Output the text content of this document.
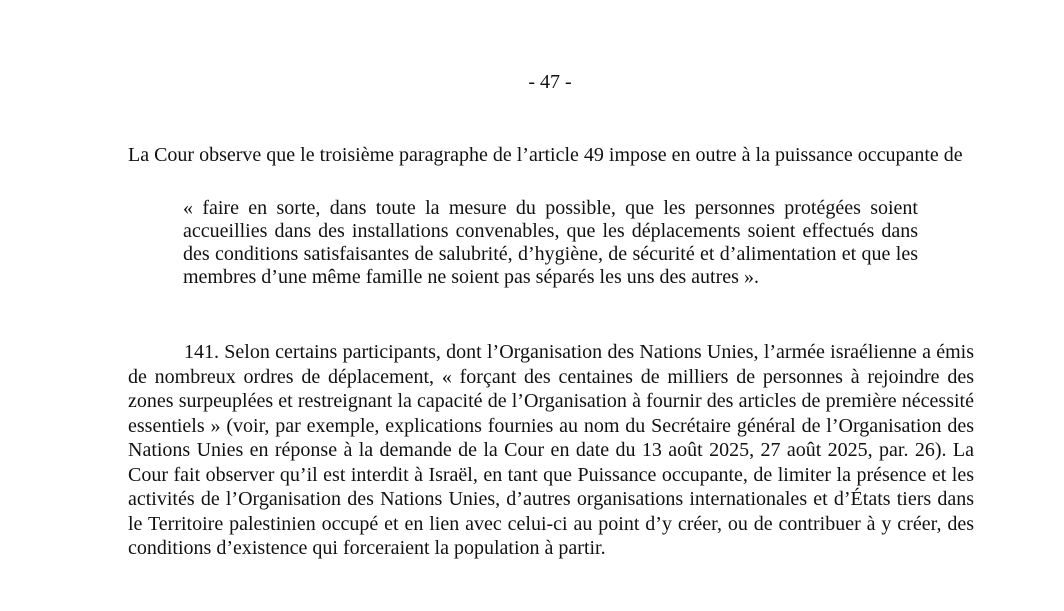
- 47 -

La Cour observe que le troisième paragraphe de l’article 49 impose en outre à la puissance occupante de

« faire en sorte, dans toute la mesure du possible, que les personnes protégées soient accueillies dans des installations convenables, que les déplacements soient effectués dans des conditions satisfaisantes de salubrité, d’hygiène, de sécurité et d’alimentation et que les membres d’une même famille ne soient pas séparés les uns des autres ».

141. Selon certains participants, dont l’Organisation des Nations Unies, l’armée israélienne a émis de nombreux ordres de déplacement, « forçant des centaines de milliers de personnes à rejoindre des zones surpeuplées et restreignant la capacité de l’Organisation à fournir des articles de première nécessité essentiels » (voir, par exemple, explications fournies au nom du Secrétaire général de l’Organisation des Nations Unies en réponse à la demande de la Cour en date du 13 août 2025, 27 août 2025, par. 26). La Cour fait observer qu’il est interdit à Israël, en tant que Puissance occupante, de limiter la présence et les activités de l’Organisation des Nations Unies, d’autres organisations internationales et d’États tiers dans le Territoire palestinien occupé et en lien avec celui-ci au point d’y créer, ou de contribuer à y créer, des conditions d’existence qui forceraient la population à partir.
